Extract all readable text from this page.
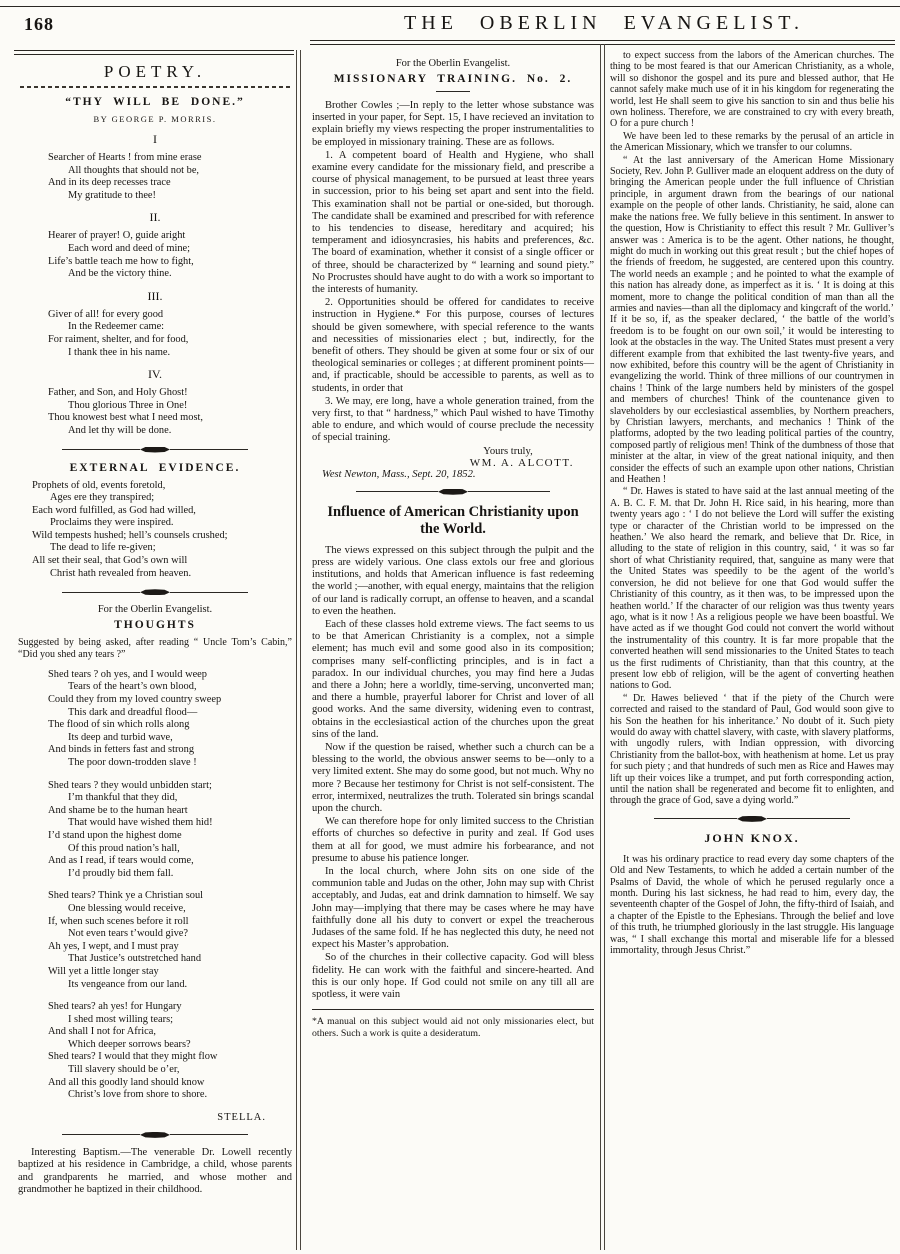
168	THE OBERLIN EVANGELIST.
POETRY.
“THY WILL BE DONE.”
BY GEORGE P. MORRIS.
I
Searcher of Hearts ! from mine erase
All thoughts that should not be,
And in its deep recesses trace
My gratitude to thee!
II.
Hearer of prayer! O, guide aright
Each word and deed of mine;
Life’s battle teach me how to fight,
And be the victory thine.
III.
Giver of all! for every good
In the Redeemer came:
For raiment, shelter, and for food,
I thank thee in his name.
IV.
Father, and Son, and Holy Ghost!
Thou glorious Three in One!
Thou knowest best what I need most,
And let thy will be done.
EXTERNAL EVIDENCE.
Prophets of old, events foretold,
Ages ere they transpired;
Each word fulfilled, as God had willed,
Proclaims they were inspired.
Wild tempests hushed; hell’s counsels crushed;
The dead to life re-given;
All set their seal, that God’s own will
Christ hath revealed from heaven.
For the Oberlin Evangelist.
THOUGHTS
Suggested by being asked, after reading “ Uncle Tom’s Cabin,” “Did you shed any tears ?”
Shed tears ? oh yes, and I would weep
Tears of the heart’s own blood,
Could they from my loved country sweep
This dark and dreadful flood—
The flood of sin which rolls along
Its deep and turbid wave,
And binds in fetters fast and strong
The poor down-trodden slave !
Shed tears ? they would unbidden start;
I’m thankful that they did,
And shame be to the human heart
That would have wished them hid!
I’d stand upon the highest dome
Of this proud nation’s hall,
And as I read, if tears would come,
I’d proudly bid them fall.
Shed tears? Think ye a Christian soul
One blessing would receive,
If, when such scenes before it roll
Not even tears t’would give?
Ah yes, I wept, and I must pray
That Justice’s outstretched hand
Will yet a little longer stay
Its vengeance from our land.
Shed tears? ah yes! for Hungary
I shed most willing tears;
And shall I not for Africa,
Which deeper sorrows bears?
Shed tears? I would that they might flow
Till slavery should be o’er,
And all this goodly land should know
Christ’s love from shore to shore.
STELLA.
Interesting Baptism.—The venerable Dr. Lowell recently baptized at his residence in Cambridge, a child, whose parents and grandparents he married, and whose mother and grandmother he baptized in their childhood.
For the Oberlin Evangelist.
MISSIONARY TRAINING. No. 2.
Brother Cowles ;—In reply to the letter whose substance was inserted in your paper, for Sept. 15, I have recieved an invitation to explain briefly my views respecting the proper instrumentalities to be employed in missionary training. These are as follows.
1. A competent board of Health and Hygiene, who shall examine every candidate for the missionary field, and prescribe a course of physical management, to be pursued at least three years in succession, prior to his being set apart and sent into the field. This examination shall not be partial or one-sided, but thorough. The candidate shall be examined and prescribed for with reference to his tendencies to disease, hereditary and acquired; his temperament and idiosyncrasies, his habits and preferences, &c. The board of examination, whether it consist of a single officer or of three, should be characterized by “ learning and sound piety.” No Procrustes should have aught to do with a work so important to the interests of humanity.
2. Opportunities should be offered for candidates to receive instruction in Hygiene.* For this purpose, courses of lectures should be given somewhere, with special reference to the wants and necessities of missionaries elect ; but, indirectly, for the benefit of others. They should be given at some four or six of our theological seminaries or colleges ; at different prominent points— and, if practicable, should be accessible to parents, as well as to students, in order that
3. We may, ere long, have a whole generation trained, from the very first, to that “ hardness,” which Paul wished to have Timothy able to endure, and which would of course preclude the necessity of special training.
Yours truly,
WM. A. ALCOTT.
West Newton, Mass., Sept. 20, 1852.
Influence of American Christianity upon the World.
The views expressed on this subject through the pulpit and the press are widely various. One class extols our free and glorious institutions, and holds that American influence is fast redeeming the world ;—another, with equal energy, maintains that the religion of our land is radically corrupt, an offense to heaven, and a scandal to even the heathen.
Each of these classes hold extreme views. The fact seems to us to be that American Christianity is a complex, not a simple element; has much evil and some good also in its composition; comprises many self-conflicting principles, and is in fact a paradox. In our individual churches, you may find here a Judas and there a John; here a worldly, time-serving, unconverted man; and there a humble, prayerful laborer for Christ and lover of all good works. And the same diversity, widening even to contrast, obtains in the ecclesiastical action of the churches upon the great sins of the land.
Now if the question be raised, whether such a church can be a blessing to the world, the obvious answer seems to be—only to a very limited extent. She may do some good, but not much. Why no more ? Because her testimony for Christ is not self-consistent. The error, intermixed, neutralizes the truth. Tolerated sin brings scandal upon the church.
We can therefore hope for only limited success to the Christian efforts of churches so defective in purity and zeal. If God uses them at all for good, we must admire his forbearance, and not presume to abuse his patience longer.
In the local church, where John sits on one side of the communion table and Judas on the other, John may sup with Christ acceptably, and Judas, eat and drink damnation to himself. We say John may—implying that there may be cases where he may have faithfully done all his duty to convert or expel the treacherous Judases of the same fold. If he has neglected this duty, he need not expect his Master’s approbation.
So of the churches in their collective capacity. God will bless fidelity. He can work with the faithful and sincere-hearted. And this is our only hope. If God could not smile on any till all are spotless, it were vain
*A manual on this subject would aid not only missionaries elect, but others. Such a work is quite a desideratum.
to expect success from the labors of the American churches. The thing to be most feared is that our American Christianity, as a whole, will so dishonor the gospel and its pure and blessed author, that He cannot safely make much use of it in his kingdom for regenerating the world, lest He shall seem to give his sanction to sin and thus belie his own holiness. Therefore, we are constrained to cry with every breath, O for a pure church !
We have been led to these remarks by the perusal of an article in the American Missionary, which we transfer to our columns.
“ At the last anniversary of the American Home Missionary Society, Rev. John P. Gulliver made an eloquent address on the duty of bringing the American people under the full influence of Christian principle, in argument drawn from the bearings of our national example on the people of other lands. Christianity, he said, alone can make the nations free. We fully believe in this sentiment. In answer to the question, How is Christianity to effect this result ? Mr. Gulliver’s answer was : America is to be the agent. Other nations, he thought, might do much in working out this great result ; but the chief hopes of the friends of freedom, he suggested, are centered upon this country. The world needs an example ; and he pointed to what the example of this nation has already done, as imperfect as it is. ‘ It is doing at this moment, more to change the political condition of man than all the armies and navies—than all the diplomacy and kingcraft of the world.’ If it be so, if, as the speaker declared, ‘ the battle of the world’s freedom is to be fought on our own soil,’ it would be interesting to look at the obstacles in the way. The United States must present a very different example from that exhibited the last twenty-five years, and now exhibited, before this country will be the agent of Christianity in evangelizing the world. Think of three millions of our countrymen in chains ! Think of the large numbers held by ministers of the gospel and members of churches! Think of the countenance given to slaveholders by our ecclesiastical assemblies, by Northern preachers, by Christian lawyers, merchants, and mechanics ! Think of the platforms, adopted by the two leading political parties of the country, composed partly of religious men! Think of the dumbness of those that minister at the altar, in view of the great national iniquity, and then consider the effects of such an example upon other nations, Christian and Heathen !
“ Dr. Hawes is stated to have said at the last annual meeting of the A. B. C. F. M. that Dr. John H. Rice said, in his hearing, more than twenty years ago : ‘ I do not believe the Lord will suffer the existing type or character of the Christian world to be impressed on the heathen.’ We also heard the remark, and believe that Dr. Rice, in alluding to the state of religion in this country, said, ‘ it was so far short of what Christianity required, that, sanguine as many were that the United States was speedily to be the agent of the world’s conversion, he did not believe for one that God would suffer the Christianity of this country, as it then was, to be impressed upon the heathen world.’ If the character of our religion was thus twenty years ago, what is it now ! As a religious people we have been boastful. We have acted as if we thought God could not convert the world without the instrumentality of this country. It is far more propable that the converted heathen will send missionaries to the United States to teach us the first rudiments of Christianity, than that this country, at the present low ebb of religion, will be the agent of converting heathen nations to God.
“ Dr. Hawes believed ‘ that if the piety of the Church were corrected and raised to the standard of Paul, God would soon give to his Son the heathen for his inheritance.’ No doubt of it. Such piety would do away with chattel slavery, with caste, with slavery platforms, with ungodly rulers, with Indian oppression, with divorcing Christianity from the ballot-box, with heathenism at home. Let us pray for such piety ; and that hundreds of such men as Rice and Hawes may lift up their voices like a trumpet, and put forth corresponding action, until the nation shall be regenerated and become fit to enlighten, and through the grace of God, save a dying world.”
JOHN KNOX.
It was his ordinary practice to read every day some chapters of the Old and New Testaments, to which he added a certain number of the Psalms of David, the whole of which he perused regularly once a month. During his last sickness, he had read to him, every day, the seventeenth chapter of the Gospel of John, the fifty-third of Isaiah, and a chapter of the Epistle to the Ephesians. Through the belief and love of this truth, he triumphed gloriously in the last struggle. His language was, “ I shall exchange this mortal and miserable life for a blessed immortality, through Jesus Christ.”
